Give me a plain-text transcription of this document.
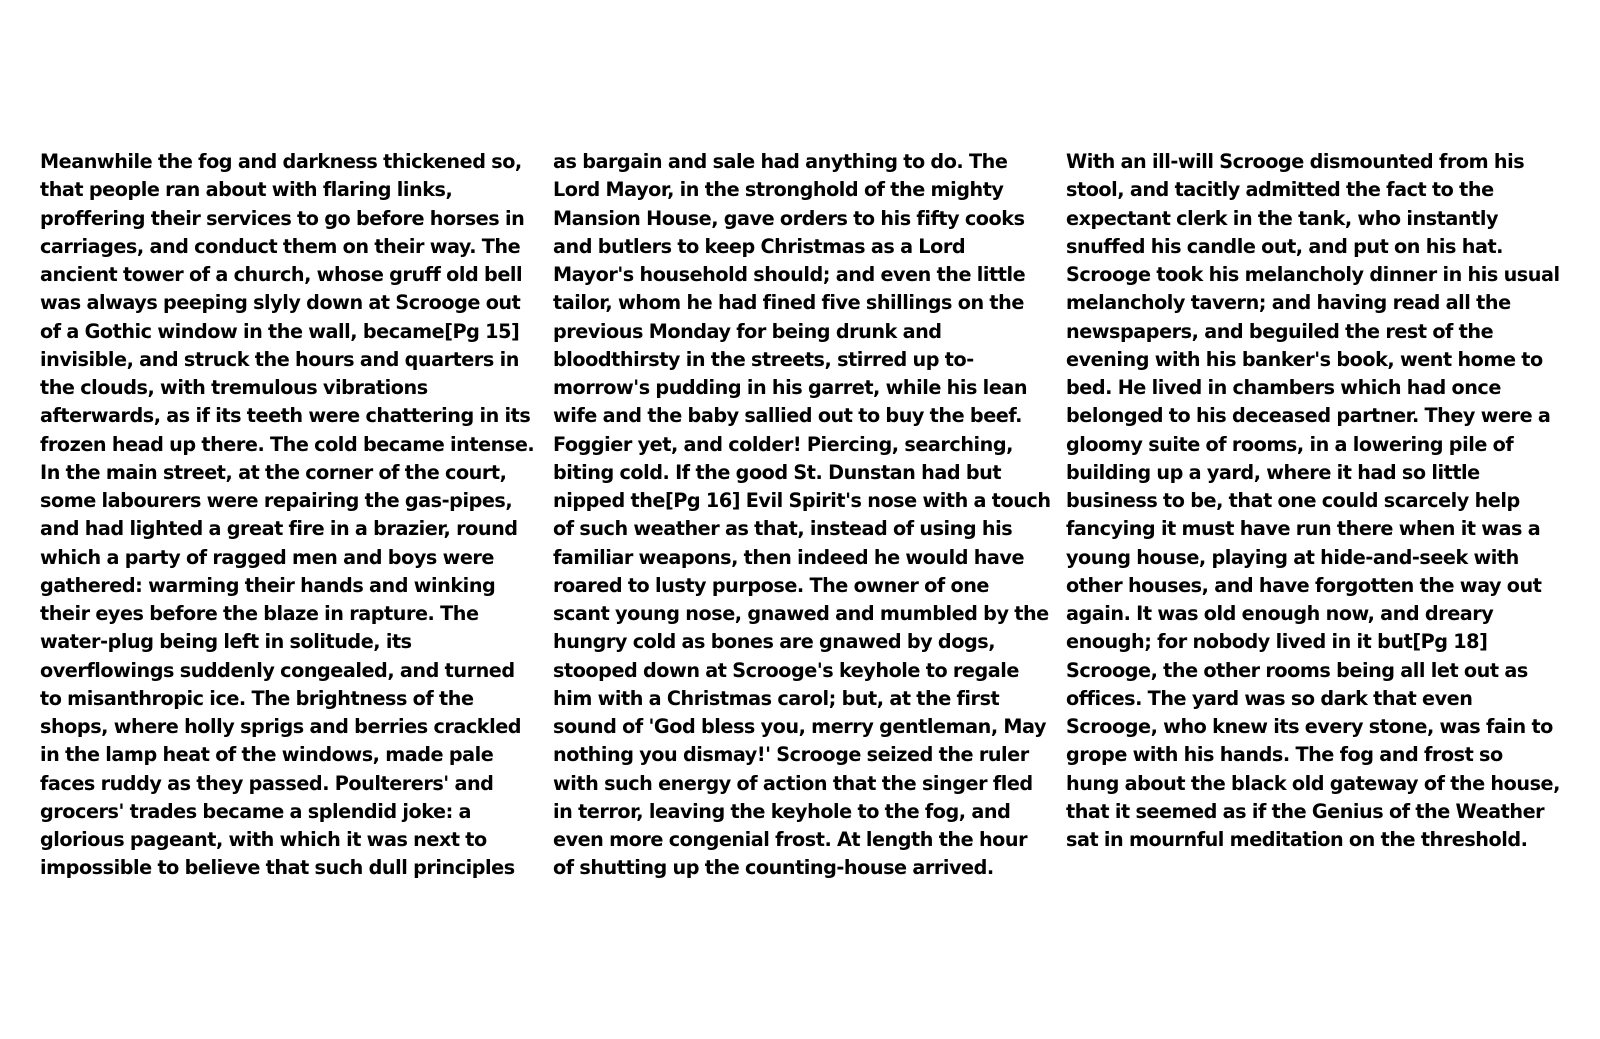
Meanwhile the fog and darkness thickened so,
that people ran about with flaring links,
proffering their services to go before horses in
carriages, and conduct them on their way. The
ancient tower of a church, whose gruff old bell
was always peeping slyly down at Scrooge out
of a Gothic window in the wall, became[Pg 15]
invisible, and struck the hours and quarters in
the clouds, with tremulous vibrations
afterwards, as if its teeth were chattering in its
frozen head up there. The cold became intense.
In the main street, at the corner of the court,
some labourers were repairing the gas-pipes,
and had lighted a great fire in a brazier, round
which a party of ragged men and boys were
gathered: warming their hands and winking
their eyes before the blaze in rapture. The
water-plug being left in solitude, its
overflowings suddenly congealed, and turned
to misanthropic ice. The brightness of the
shops, where holly sprigs and berries crackled
in the lamp heat of the windows, made pale
faces ruddy as they passed. Poulterers' and
grocers' trades became a splendid joke: a
glorious pageant, with which it was next to
impossible to believe that such dull principles
as bargain and sale had anything to do. The
Lord Mayor, in the stronghold of the mighty
Mansion House, gave orders to his fifty cooks
and butlers to keep Christmas as a Lord
Mayor's household should; and even the little
tailor, whom he had fined five shillings on the
previous Monday for being drunk and
bloodthirsty in the streets, stirred up to-
morrow's pudding in his garret, while his lean
wife and the baby sallied out to buy the beef.
Foggier yet, and colder! Piercing, searching,
biting cold. If the good St. Dunstan had but
nipped the[Pg 16] Evil Spirit's nose with a touch
of such weather as that, instead of using his
familiar weapons, then indeed he would have
roared to lusty purpose. The owner of one
scant young nose, gnawed and mumbled by the
hungry cold as bones are gnawed by dogs,
stooped down at Scrooge's keyhole to regale
him with a Christmas carol; but, at the first
sound of 'God bless you, merry gentleman, May
nothing you dismay!' Scrooge seized the ruler
with such energy of action that the singer fled
in terror, leaving the keyhole to the fog, and
even more congenial frost. At length the hour
of shutting up the counting-house arrived.
With an ill-will Scrooge dismounted from his
stool, and tacitly admitted the fact to the
expectant clerk in the tank, who instantly
snuffed his candle out, and put on his hat.
Scrooge took his melancholy dinner in his usual
melancholy tavern; and having read all the
newspapers, and beguiled the rest of the
evening with his banker's book, went home to
bed. He lived in chambers which had once
belonged to his deceased partner. They were a
gloomy suite of rooms, in a lowering pile of
building up a yard, where it had so little
business to be, that one could scarcely help
fancying it must have run there when it was a
young house, playing at hide-and-seek with
other houses, and have forgotten the way out
again. It was old enough now, and dreary
enough; for nobody lived in it but[Pg 18]
Scrooge, the other rooms being all let out as
offices. The yard was so dark that even
Scrooge, who knew its every stone, was fain to
grope with his hands. The fog and frost so
hung about the black old gateway of the house,
that it seemed as if the Genius of the Weather
sat in mournful meditation on the threshold.
